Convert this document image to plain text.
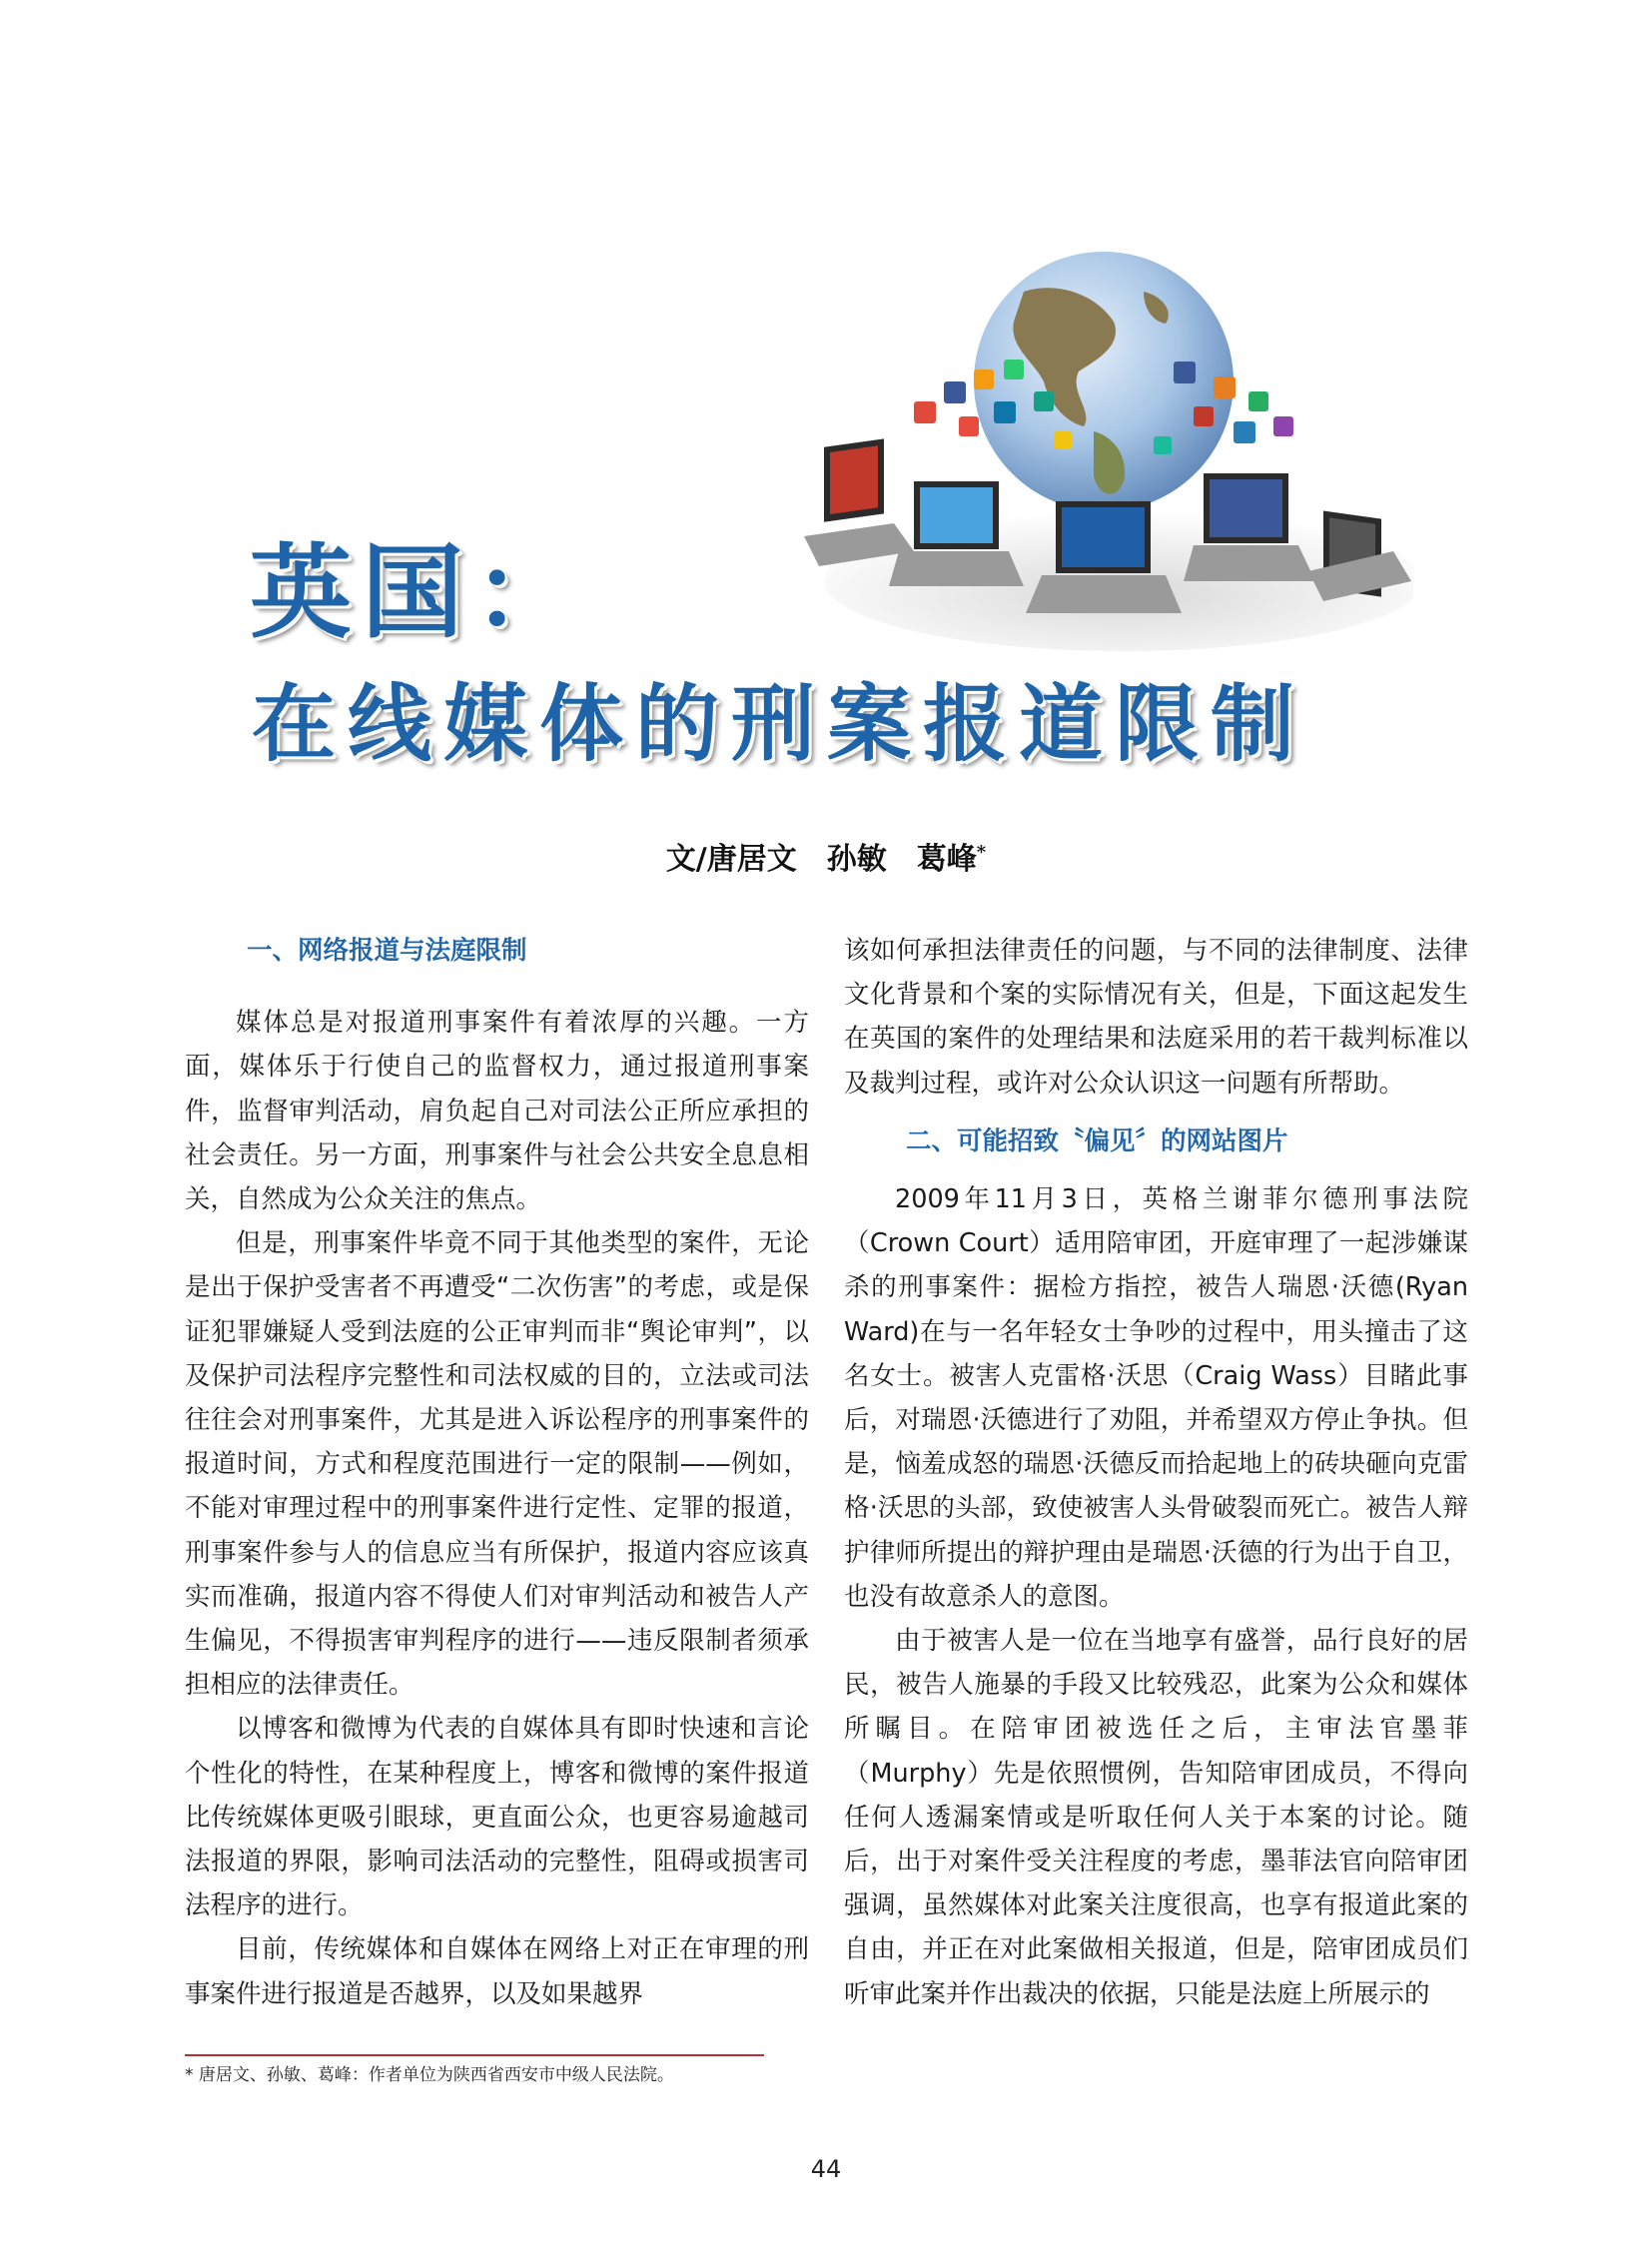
英国：
在线媒体的刑案报道限制
文/唐居文　孙敏　葛峰*
一、网络报道与法庭限制

媒体总是对报道刑事案件有着浓厚的兴趣。一方面，媒体乐于行使自己的监督权力，通过报道刑事案件，监督审判活动，肩负起自己对司法公正所应承担的社会责任。另一方面，刑事案件与社会公共安全息息相关，自然成为公众关注的焦点。

但是，刑事案件毕竟不同于其他类型的案件，无论是出于保护受害者不再遭受“二次伤害”的考虑，或是保证犯罪嫌疑人受到法庭的公正审判而非“舆论审判”，以及保护司法程序完整性和司法权威的目的，立法或司法往往会对刑事案件，尤其是进入诉讼程序的刑事案件的报道时间，方式和程度范围进行一定的限制——例如，不能对审理过程中的刑事案件进行定性、定罪的报道，刑事案件参与人的信息应当有所保护，报道内容应该真实而准确，报道内容不得使人们对审判活动和被告人产生偏见，不得损害审判程序的进行——违反限制者须承担相应的法律责任。

以博客和微博为代表的自媒体具有即时快速和言论个性化的特性，在某种程度上，博客和微博的案件报道比传统媒体更吸引眼球，更直面公众，也更容易逾越司法报道的界限，影响司法活动的完整性，阻碍或损害司法程序的进行。

目前，传统媒体和自媒体在网络上对正在审理的刑事案件进行报道是否越界，以及如果越界

该如何承担法律责任的问题，与不同的法律制度、法律文化背景和个案的实际情况有关，但是，下面这起发生在英国的案件的处理结果和法庭采用的若干裁判标准以及裁判过程，或许对公众认识这一问题有所帮助。

二、可能招致〝偏见〞的网站图片

2009年11月3日，英格兰谢菲尔德刑事法院（Crown Court）适用陪审团，开庭审理了一起涉嫌谋杀的刑事案件：据检方指控，被告人瑞恩·沃德(Ryan Ward)在与一名年轻女士争吵的过程中，用头撞击了这名女士。被害人克雷格·沃思（Craig Wass）目睹此事后，对瑞恩·沃德进行了劝阻，并希望双方停止争执。但是，恼羞成怒的瑞恩·沃德反而拾起地上的砖块砸向克雷格·沃思的头部，致使被害人头骨破裂而死亡。被告人辩护律师所提出的辩护理由是瑞恩·沃德的行为出于自卫，也没有故意杀人的意图。

由于被害人是一位在当地享有盛誉，品行良好的居民，被告人施暴的手段又比较残忍，此案为公众和媒体所瞩目。在陪审团被选任之后，主审法官墨菲（Murphy）先是依照惯例，告知陪审团成员，不得向任何人透漏案情或是听取任何人关于本案的讨论。随后，出于对案件受关注程度的考虑，墨菲法官向陪审团强调，虽然媒体对此案关注度很高，也享有报道此案的自由，并正在对此案做相关报道，但是，陪审团成员们听审此案并作出裁决的依据，只能是法庭上所展示的

* 唐居文、孙敏、葛峰：作者单位为陕西省西安市中级人民法院。
44
